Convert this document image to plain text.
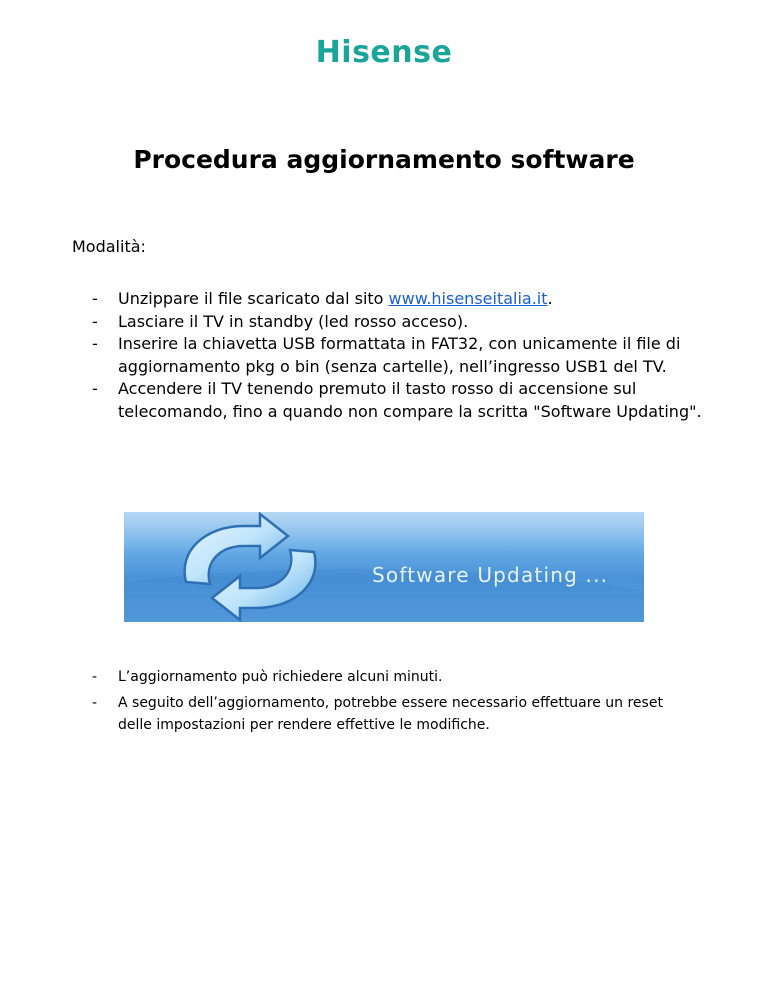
Hisense
Procedura aggiornamento software
Modalità:
- Unzippare il file scaricato dal sito www.hisenseitalia.it.
- Lasciare il TV in standby (led rosso acceso).
- Inserire la chiavetta USB formattata in FAT32, con unicamente il file di aggiornamento pkg o bin (senza cartelle), nell’ingresso USB1 del TV.
- Accendere il TV tenendo premuto il tasto rosso di accensione sul telecomando, fino a quando non compare la scritta "Software Updating".
Software Updating ...
- L’aggiornamento può richiedere alcuni minuti.
- A seguito dell’aggiornamento, potrebbe essere necessario effettuare un reset delle impostazioni per rendere effettive le modifiche.
